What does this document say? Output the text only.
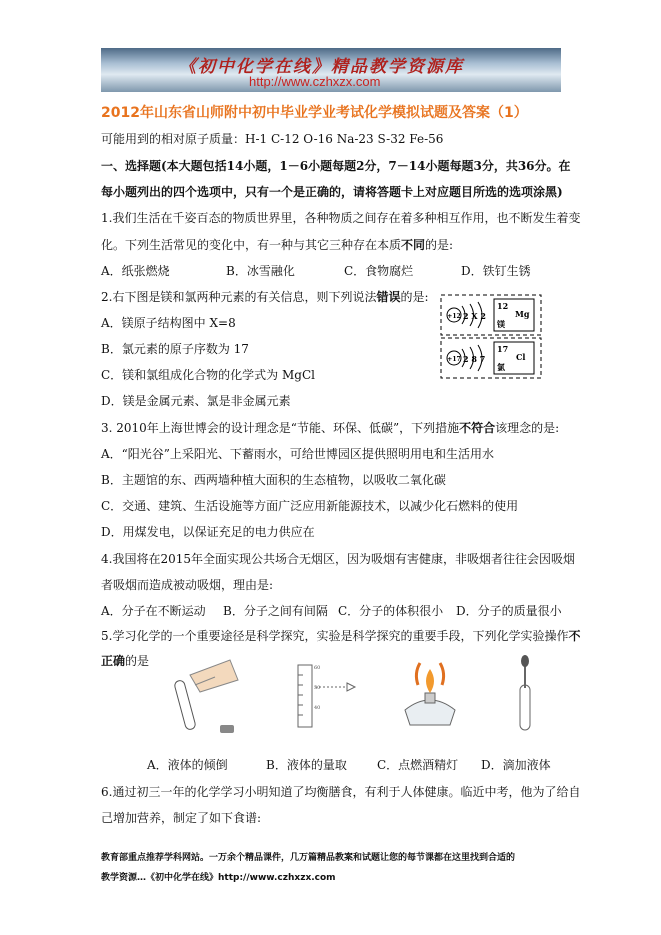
《初中化学在线》精品教学资源库
http://www.czhxzx.com
2012年山东省山师附中初中毕业学业考试化学模拟试题及答案（1）
可能用到的相对原子质量：H-1 C-12 O-16 Na-23 S-32 Fe-56
一、选择题(本大题包括14小题，1－6小题每题2分，7－14小题每题3分，共36分。在
每小题列出的四个选项中，只有一个是正确的，请将答题卡上对应题目所选的选项涂黑)
1.我们生活在千姿百态的物质世界里，各种物质之间存在着多种相互作用，也不断发生着变
化。下列生活常见的变化中，有一种与其它三种存在本质不同的是:
A．纸张燃烧	B．冰雪融化	C．食物腐烂	D．铁钉生锈
2.右下图是镁和氯两种元素的有关信息，则下列说法错误的是:
A．镁原子结构图中 X=8
B．氯元素的原子序数为 17
C．镁和氯组成化合物的化学式为 MgCl
D．镁是金属元素、氯是非金属元素
+12 2 X 2
12
Mg
镁
+17 2 8 7
17
Cl
氯
3. 2010年上海世博会的设计理念是“节能、环保、低碳”，下列措施不符合该理念的是:
A．“阳光谷”上采阳光、下蓄雨水，可给世博园区提供照明用电和生活用水
B．主题馆的东、西两墙种植大面积的生态植物，以吸收二氧化碳
C．交通、建筑、生活设施等方面广泛应用新能源技术，以减少化石燃料的使用
D．用煤发电，以保证充足的电力供应在
4.我国将在2015年全面实现公共场合无烟区，因为吸烟有害健康，非吸烟者往往会因吸烟
者吸烟而造成被动吸烟，理由是:
A．分子在不断运动 B．分子之间有间隔 C．分子的体积很小 D．分子的质量很小
5.学习化学的一个重要途径是科学探究，实验是科学探究的重要手段，下列化学实验操作不
正确的是	60
50
40
A．液体的倾倒	B．液体的量取	C．点燃酒精灯 D．滴加液体
6.通过初三一年的化学学习小明知道了均衡膳食，有利于人体健康。临近中考，他为了给自
己增加营养，制定了如下食谱:
教育部重点推荐学科网站。一万余个精品课件，几万篇精品教案和试题让您的每节课都在这里找到合适的
教学资源…《初中化学在线》http://www.czhxzx.com
